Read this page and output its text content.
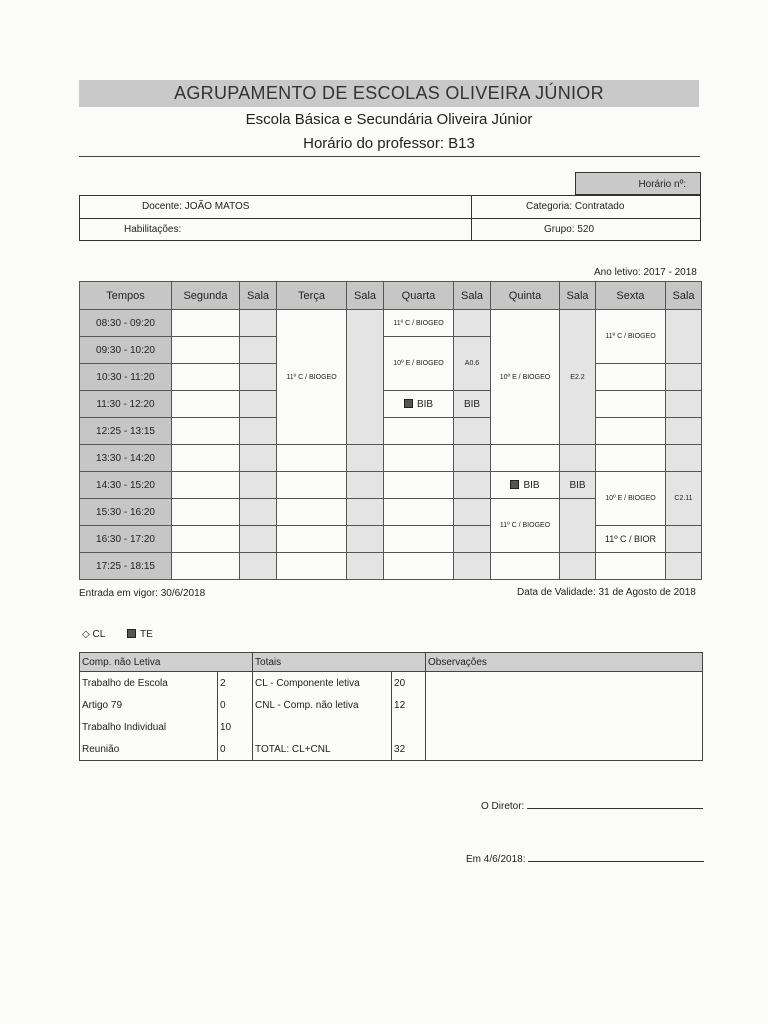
AGRUPAMENTO DE ESCOLAS OLIVEIRA JÚNIOR
Escola Básica e Secundária Oliveira Júnior
Horário do professor: B13
Horário nº:
Docente: JOÃO MATOS	Categoria: Contratado
Habilitações:	Grupo: 520
Ano letivo: 2017 - 2018
Tempos	Segunda	Sala	Terça	Sala	Quarta	Sala	Quinta	Sala	Sexta	Sala
08:30 - 09:20			11º C / BIOGEO		11º C / BIOGEO		10º E / BIOGEO	E2.2	11º C / BIOGEO	
09:30 - 10:20					10º E / BIOGEO	A0.6				
10:30 - 11:20										
11:30 - 12:20					BIB	BIB				
12:25 - 13:15										
13:30 - 14:20										
14:30 - 15:20							BIB	BIB	10º E / BIOGEO	C2.11
15:30 - 16:20							11º C / BIOGEO			
16:30 - 17:20									11º C / BIOR	
17:25 - 18:15										
Entrada em vigor: 30/6/2018	Data de Validade: 31 de Agosto de 2018
◇ CL	TE
Comp. não Letiva		Totais		Observações
Trabalho de Escola	2	CL - Componente letiva	20	
Artigo 79	0	CNL - Comp. não letiva	12	
Trabalho Individual	10			
Reunião	0	TOTAL: CL+CNL	32	
O Diretor:
Em 4/6/2018:
